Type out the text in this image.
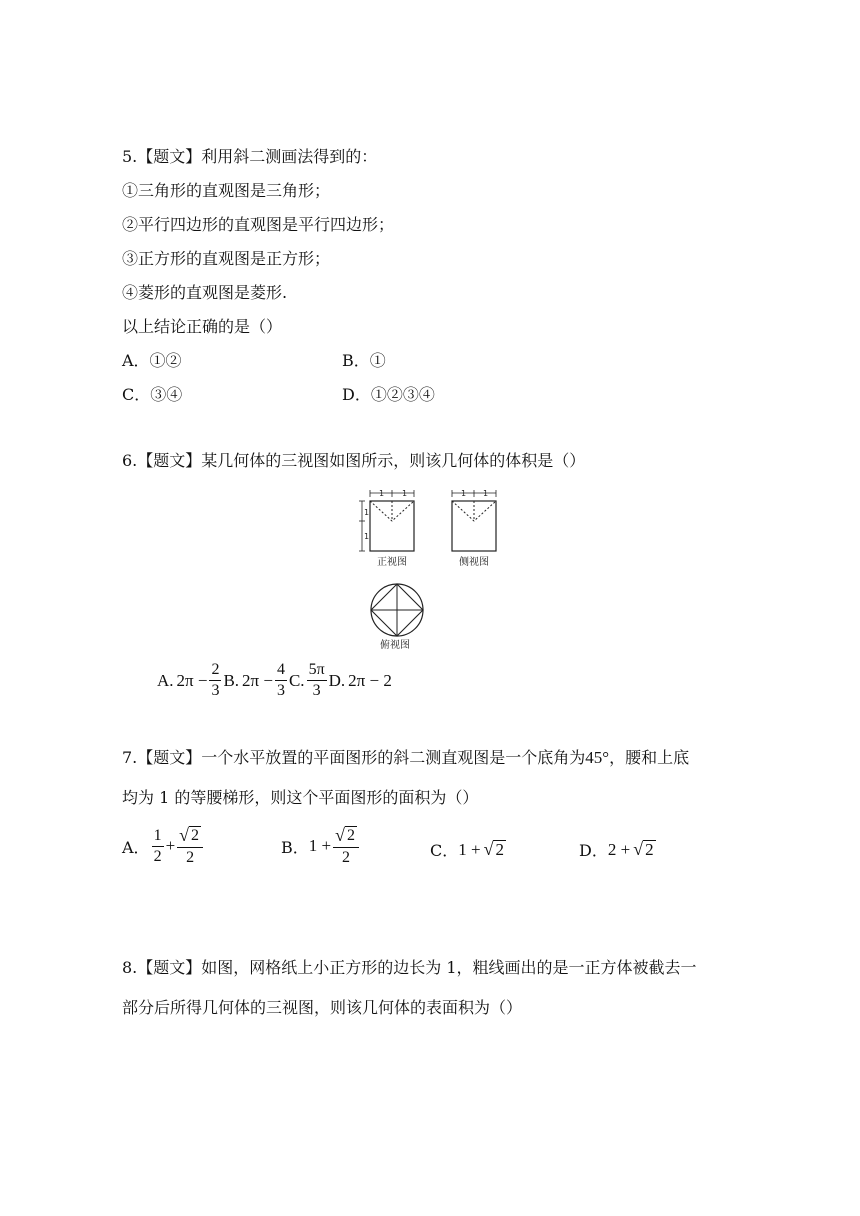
5.【题文】利用斜二测画法得到的：
①三角形的直观图是三角形；
②平行四边形的直观图是平行四边形；
③正方形的直观图是正方形；
④菱形的直观图是菱形.
以上结论正确的是（）
A．①②	B．①
C．③④	D．①②③④
6.【题文】某几何体的三视图如图所示，则该几何体的体积是（）
1 1
1
1
正视图
1 1
侧视图
俯视图
A. $2\pi - \frac{2}{3} B$. $2\pi - \frac{4}{3} C$. $\frac{5\pi}{3} D$. 2π − 2
7.【题文】一个水平放置的平面图形的斜二测直观图是一个底角为45°，腰和上底
均为 1 的等腰梯形，则这个平面图形的面积为（）
A． $\frac{1}{2} + \frac{√ 2}{2}$	B． $1 + \frac{√ 2}{2}$	C． 1 + √ 2	D． 2 + √ 2
8.【题文】如图，网格纸上小正方形的边长为 1，粗线画出的是一正方体被截去一
部分后所得几何体的三视图，则该几何体的表面积为（）
